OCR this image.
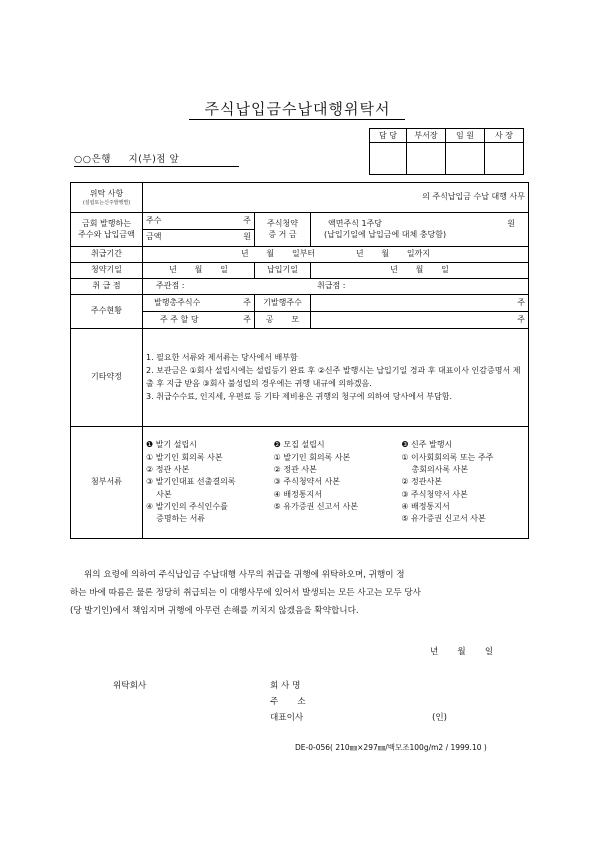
주식납입금수납대행위탁서
담 당	부서장	임 원	사 장

○○은행     지(부)점 앞
위탁 사항
(설립또는신주발행별)
	의 주식납입금 수납 대행 사무

금회 발행하는
주수와 납입금액

주수	주

금액	원

주식청약
증 거 금

액면주식 1주당	원
(납입기일에 납입금에 대체 충당함)

취급기간	년       월       일부터                년       월       일까지
청약기일	년       월       일	납입기일	년       월       일
취 급 점	주관점 :	취급점 :
주수현황	발행총주식수	주	기발행주수	주
주 주 할 당	주	공       모	주
기타약정	
1. 필요한 서류와 제서류는 당사에서 배부함
2. 보관금은 ①회사 설립시에는 설립등기 완료 후 ②신주 발행시는 납입기일 경과 후 대표이사 인감증명서 제출 후 지급 받음 ③회사 불성립의 경우에는 귀행 내규에 의하겠음.
3. 취급수수료, 인지세, 우편료 등 기타 제비용은 귀행의 청구에 의하여 당사에서 부담함.

첨부서류	
❶ 발기 설립시
① 발기인 회의록 사본
② 정관 사본
③ 발기인대표 선출결의록
사본
④ 발기인의 주식인수를
증명하는 서류
❷ 모집 설립시
① 발기인 회의록 사본
② 정관 사본
③ 주식청약서 사본
④ 배정통지서
⑤ 유가증권 신고서 사본
❸ 신주 발행시
① 이사회회의록 또는 주주
총회의사록 사본
② 정관사본
③ 주식청약서 사본
④ 배정통지서
⑤ 유가증권 신고서 사본
위의 요령에 의하여 주식납입금 수납대행 사무의 취급을 귀행에 위탁하오며, 귀행이 정
하는 바에 따름은 물론 정당히 취급되는 이 대행사무에 있어서 발생되는 모든 사고는 모두 당사
(당 발기인)에서 책임지며 귀행에 아무런 손해를 끼치지 않겠음을 확약합니다.
년       월       일
위탁회사	회 사 명
주       소
대표이사	(인)
DE-0-056( 210㎜×297㎜/백모조100g/m2 / 1999.10 )
